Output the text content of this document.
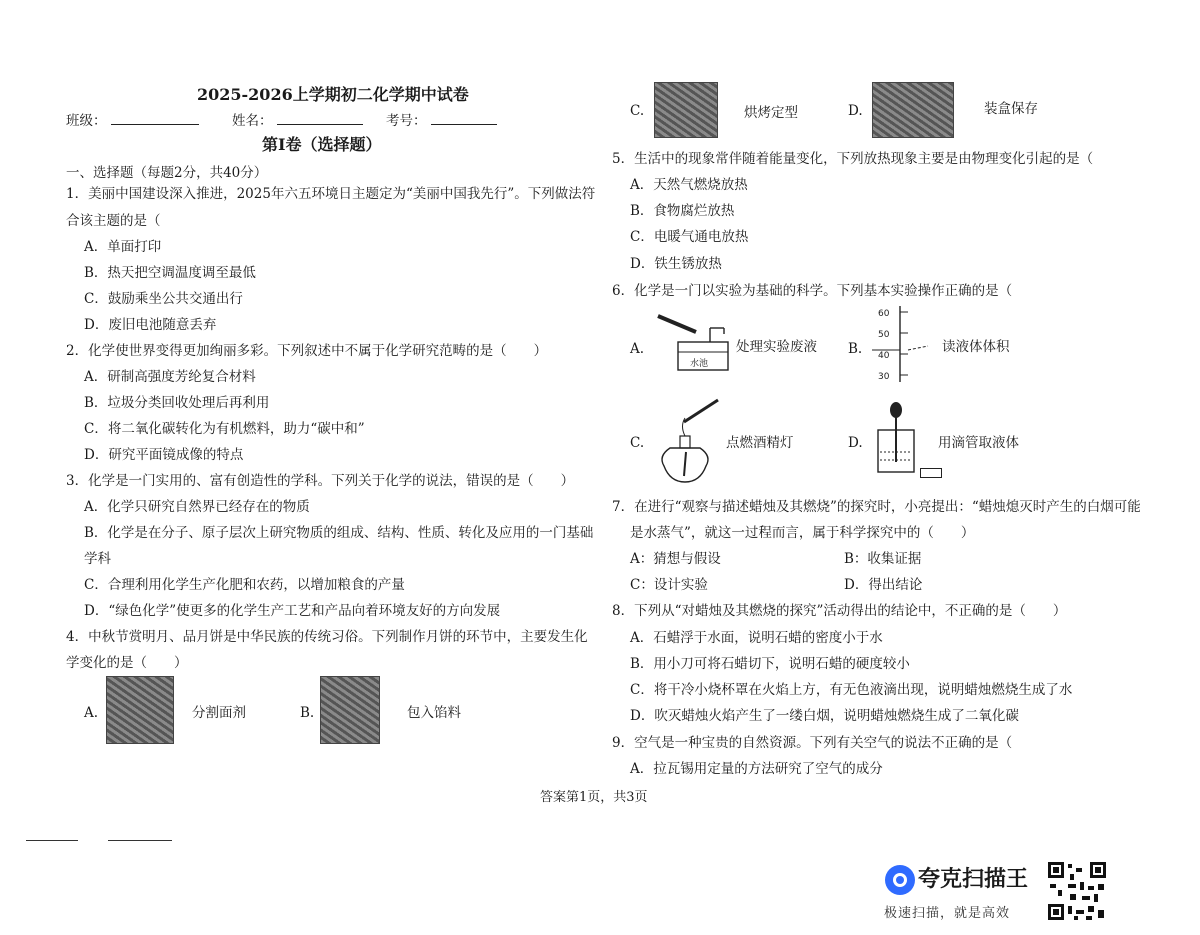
2025-2026上学期初二化学期中试卷
班级：	姓名：	考号：
第Ⅰ卷（选择题）
一、选择题（每题2分，共40分）
1．美丽中国建设深入推进，2025年六五环境日主题定为“美丽中国我先行”。下列做法符
合该主题的是（
A．单面打印
B．热天把空调温度调至最低
C．鼓励乘坐公共交通出行
D．废旧电池随意丢弃
2．化学使世界变得更加绚丽多彩。下列叙述中不属于化学研究范畴的是（　　）
A．研制高强度芳纶复合材料
B．垃圾分类回收处理后再利用
C．将二氧化碳转化为有机燃料，助力“碳中和”
D．研究平面镜成像的特点
3．化学是一门实用的、富有创造性的学科。下列关于化学的说法，错误的是（　　）
A．化学只研究自然界已经存在的物质
B．化学是在分子、原子层次上研究物质的组成、结构、性质、转化及应用的一门基础
学科
C．合理利用化学生产化肥和农药，以增加粮食的产量
D．“绿色化学”使更多的化学生产工艺和产品向着环境友好的方向发展
4．中秋节赏明月、品月饼是中华民族的传统习俗。下列制作月饼的环节中，主要发生化
学变化的是（　　）
A.	分割面剂	B.	包入馅料
C.	烘烤定型	D.	装盒保存
5．生活中的现象常伴随着能量变化，下列放热现象主要是由物理变化引起的是（
A．天然气燃烧放热
B．食物腐烂放热
C．电暖气通电放热
D．铁生锈放热
6．化学是一门以实验为基础的科学。下列基本实验操作正确的是（
A.
水池
处理实验废液 B.
60
50
40
30
读液体体积
C.	点燃酒精灯	D.	用滴管取液体
7．在进行“观察与描述蜡烛及其燃烧”的探究时，小亮提出：“蜡烛熄灭时产生的白烟可能
是水蒸气”，就这一过程而言，属于科学探究中的（　　）
A：猜想与假设	B：收集证据
C：设计实验	D．得出结论
8．下列从“对蜡烛及其燃烧的探究”活动得出的结论中，不正确的是（　　）
A．石蜡浮于水面，说明石蜡的密度小于水
B．用小刀可将石蜡切下，说明石蜡的硬度较小
C．将干冷小烧杯罩在火焰上方，有无色液滴出现，说明蜡烛燃烧生成了水
D．吹灭蜡烛火焰产生了一缕白烟，说明蜡烛燃烧生成了二氧化碳
9．空气是一种宝贵的自然资源。下列有关空气的说法不正确的是（
A．拉瓦锡用定量的方法研究了空气的成分
答案第1页，共3页
夸克扫描王
极速扫描，就是高效
